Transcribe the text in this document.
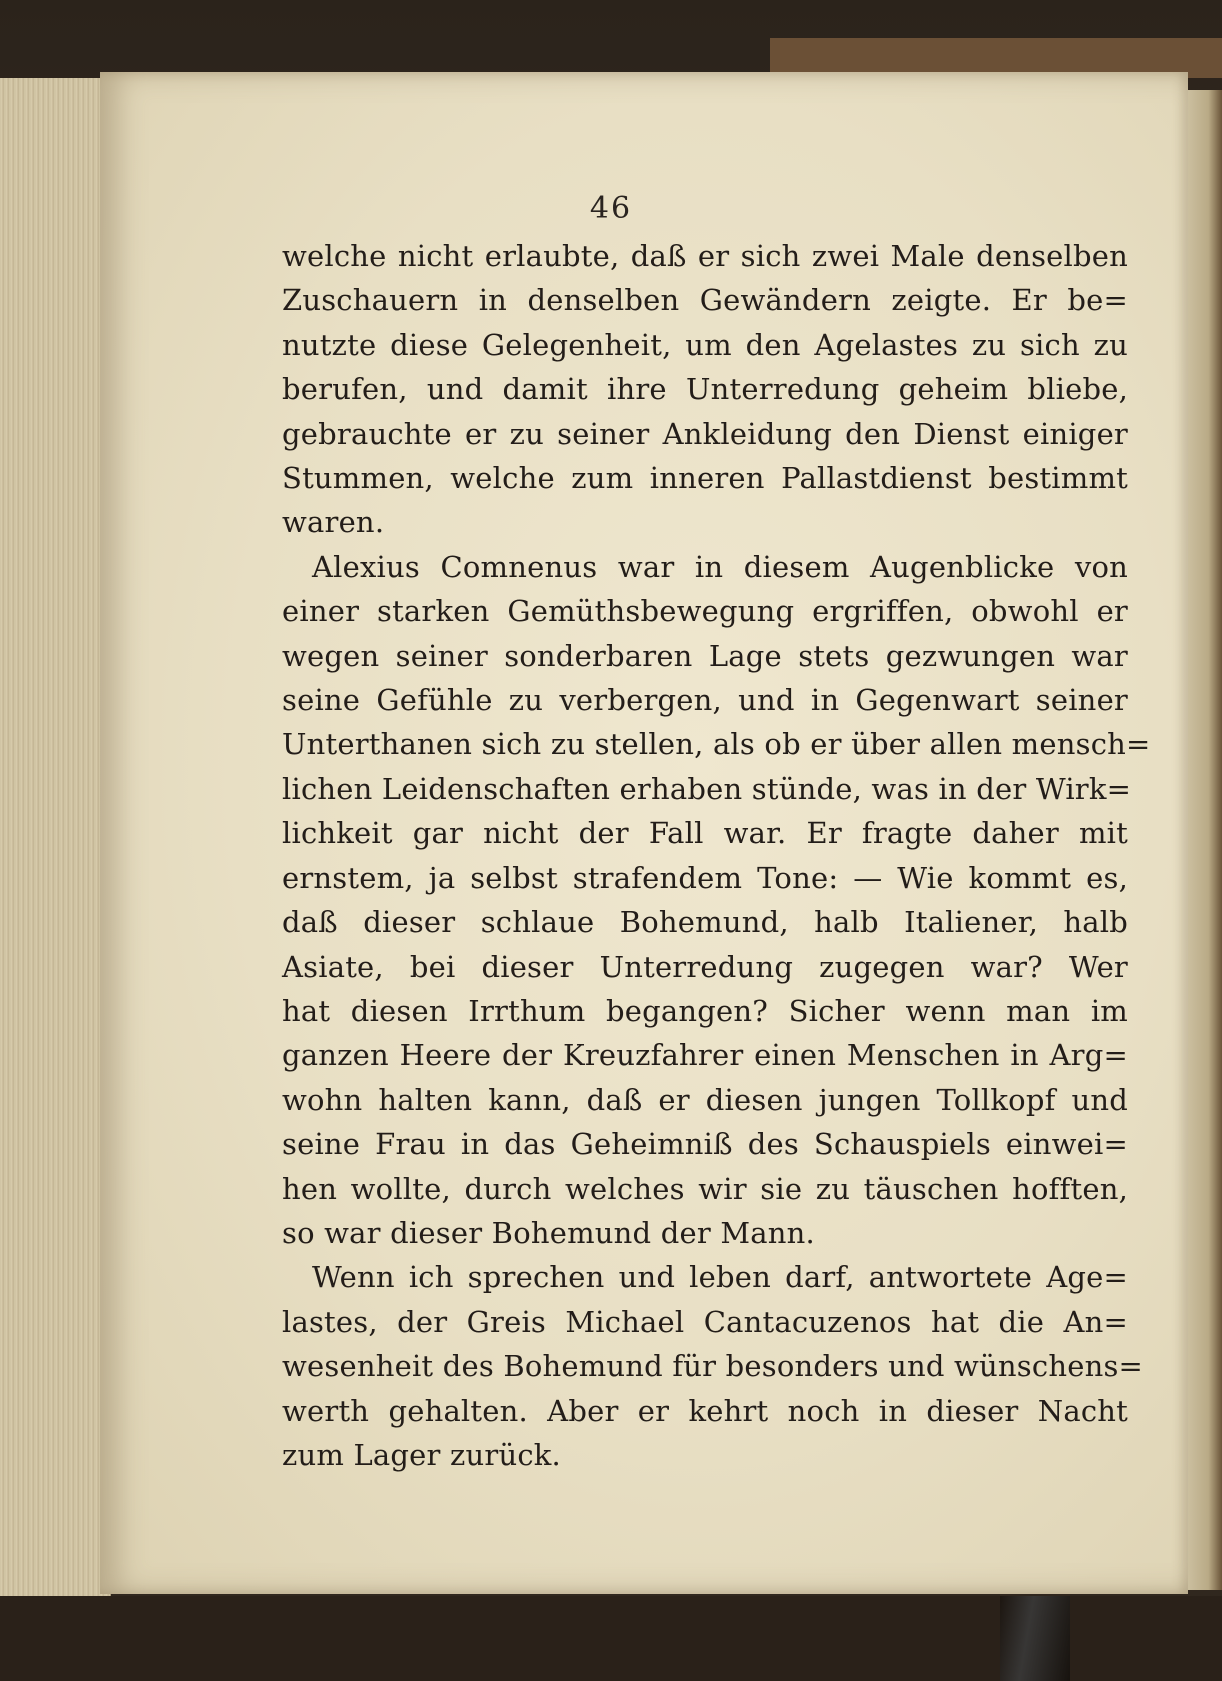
46
welche nicht erlaubte, daß er sich zwei Male denselben
Zuschauern in denselben Gewändern zeigte. Er be=
nutzte diese Gelegenheit, um den Agelastes zu sich zu
berufen, und damit ihre Unterredung geheim bliebe,
gebrauchte er zu seiner Ankleidung den Dienst einiger
Stummen, welche zum inneren Pallastdienst bestimmt
waren.
Alexius Comnenus war in diesem Augenblicke von
einer starken Gemüthsbewegung ergriffen, obwohl er
wegen seiner sonderbaren Lage stets gezwungen war
seine Gefühle zu verbergen, und in Gegenwart seiner
Unterthanen sich zu stellen, als ob er über allen mensch=
lichen Leidenschaften erhaben stünde, was in der Wirk=
lichkeit gar nicht der Fall war. Er fragte daher mit
ernstem, ja selbst strafendem Tone: — Wie kommt es,
daß dieser schlaue Bohemund, halb Italiener, halb
Asiate, bei dieser Unterredung zugegen war? Wer
hat diesen Irrthum begangen? Sicher wenn man im
ganzen Heere der Kreuzfahrer einen Menschen in Arg=
wohn halten kann, daß er diesen jungen Tollkopf und
seine Frau in das Geheimniß des Schauspiels einwei=
hen wollte, durch welches wir sie zu täuschen hofften,
so war dieser Bohemund der Mann.
Wenn ich sprechen und leben darf, antwortete Age=
lastes, der Greis Michael Cantacuzenos hat die An=
wesenheit des Bohemund für besonders und wünschens=
werth gehalten. Aber er kehrt noch in dieser Nacht
zum Lager zurück.
